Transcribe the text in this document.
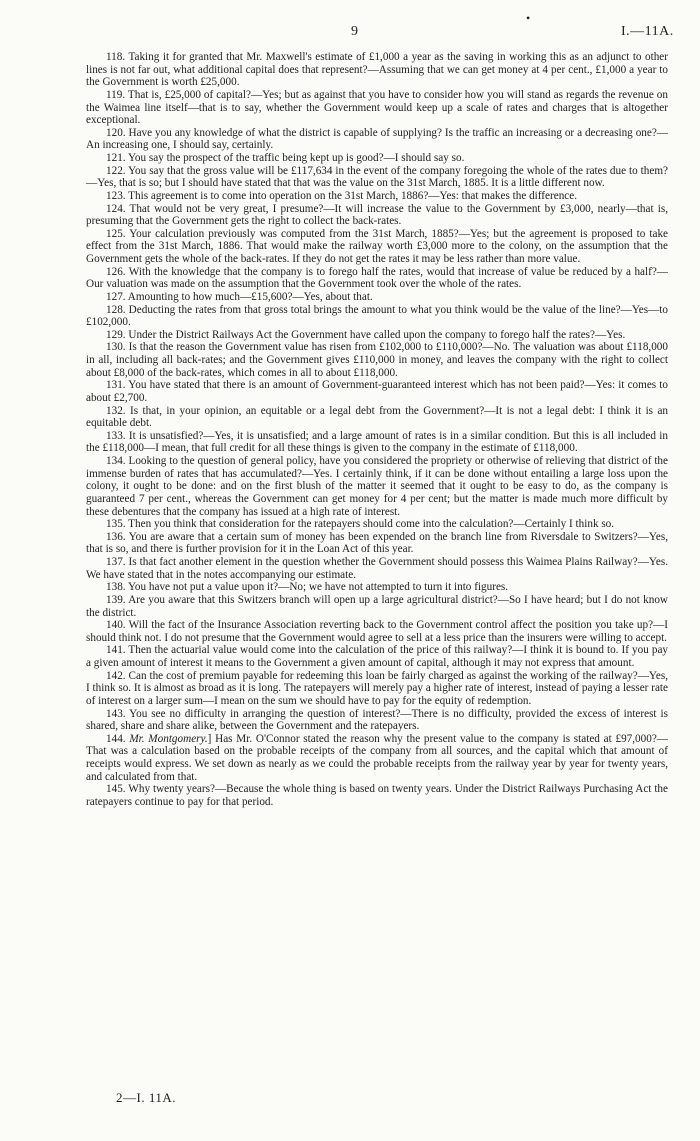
9
•
I.—11A.

118. Taking it for granted that Mr. Maxwell's estimate of £1,000 a year as the saving in working this as an adjunct to other lines is not far out, what additional capital does that represent?—Assuming that we can get money at 4 per cent., £1,000 a year to the Government is worth £25,000.

119. That is, £25,000 of capital?—Yes; but as against that you have to consider how you will stand as regards the revenue on the Waimea line itself—that is to say, whether the Government would keep up a scale of rates and charges that is altogether exceptional.

120. Have you any knowledge of what the district is capable of supplying? Is the traffic an increasing or a decreasing one?—An increasing one, I should say, certainly.

121. You say the prospect of the traffic being kept up is good?—I should say so.

122. You say that the gross value will be £117,634 in the event of the company foregoing the whole of the rates due to them?—Yes, that is so; but I should have stated that that was the value on the 31st March, 1885. It is a little different now.

123. This agreement is to come into operation on the 31st March, 1886?—Yes: that makes the difference.

124. That would not be very great, I presume?—It will increase the value to the Government by £3,000, nearly—that is, presuming that the Government gets the right to collect the back-rates.

125. Your calculation previously was computed from the 31st March, 1885?—Yes; but the agreement is proposed to take effect from the 31st March, 1886. That would make the railway worth £3,000 more to the colony, on the assumption that the Government gets the whole of the back-rates. If they do not get the rates it may be less rather than more value.

126. With the knowledge that the company is to forego half the rates, would that increase of value be reduced by a half?—Our valuation was made on the assumption that the Government took over the whole of the rates.

127. Amounting to how much—£15,600?—Yes, about that.

128. Deducting the rates from that gross total brings the amount to what you think would be the value of the line?—Yes—to £102,000.

129. Under the District Railways Act the Government have called upon the company to forego half the rates?—Yes.

130. Is that the reason the Government value has risen from £102,000 to £110,000?—No. The valuation was about £118,000 in all, including all back-rates; and the Government gives £110,000 in money, and leaves the company with the right to collect about £8,000 of the back-rates, which comes in all to about £118,000.

131. You have stated that there is an amount of Government-guaranteed interest which has not been paid?—Yes: it comes to about £2,700.

132. Is that, in your opinion, an equitable or a legal debt from the Government?—It is not a legal debt: I think it is an equitable debt.

133. It is unsatisfied?—Yes, it is unsatisfied; and a large amount of rates is in a similar condition. But this is all included in the £118,000—I mean, that full credit for all these things is given to the company in the estimate of £118,000.

134. Looking to the question of general policy, have you considered the propriety or otherwise of relieving that district of the immense burden of rates that has accumulated?—Yes. I certainly think, if it can be done without entailing a large loss upon the colony, it ought to be done: and on the first blush of the matter it seemed that it ought to be easy to do, as the company is guaranteed 7 per cent., whereas the Government can get money for 4 per cent; but the matter is made much more difficult by these debentures that the company has issued at a high rate of interest.

135. Then you think that consideration for the ratepayers should come into the calculation?—Certainly I think so.

136. You are aware that a certain sum of money has been expended on the branch line from Riversdale to Switzers?—Yes, that is so, and there is further provision for it in the Loan Act of this year.

137. Is that fact another element in the question whether the Government should possess this Waimea Plains Railway?—Yes. We have stated that in the notes accompanying our estimate.

138. You have not put a value upon it?—No; we have not attempted to turn it into figures.

139. Are you aware that this Switzers branch will open up a large agricultural district?—So I have heard; but I do not know the district.

140. Will the fact of the Insurance Association reverting back to the Government control affect the position you take up?—I should think not. I do not presume that the Government would agree to sell at a less price than the insurers were willing to accept.

141. Then the actuarial value would come into the calculation of the price of this railway?—I think it is bound to. If you pay a given amount of interest it means to the Government a given amount of capital, although it may not express that amount.

142. Can the cost of premium payable for redeeming this loan be fairly charged as against the working of the railway?—Yes, I think so. It is almost as broad as it is long. The ratepayers will merely pay a higher rate of interest, instead of paying a lesser rate of interest on a larger sum—I mean on the sum we should have to pay for the equity of redemption.

143. You see no difficulty in arranging the question of interest?—There is no difficulty, provided the excess of interest is shared, share and share alike, between the Government and the ratepayers.

144. Mr. Montgomery.] Has Mr. O'Connor stated the reason why the present value to the company is stated at £97,000?—That was a calculation based on the probable receipts of the company from all sources, and the capital which that amount of receipts would express. We set down as nearly as we could the probable receipts from the railway year by year for twenty years, and calculated from that.

145. Why twenty years?—Because the whole thing is based on twenty years. Under the District Railways Purchasing Act the ratepayers continue to pay for that period.

2—I. 11A.
